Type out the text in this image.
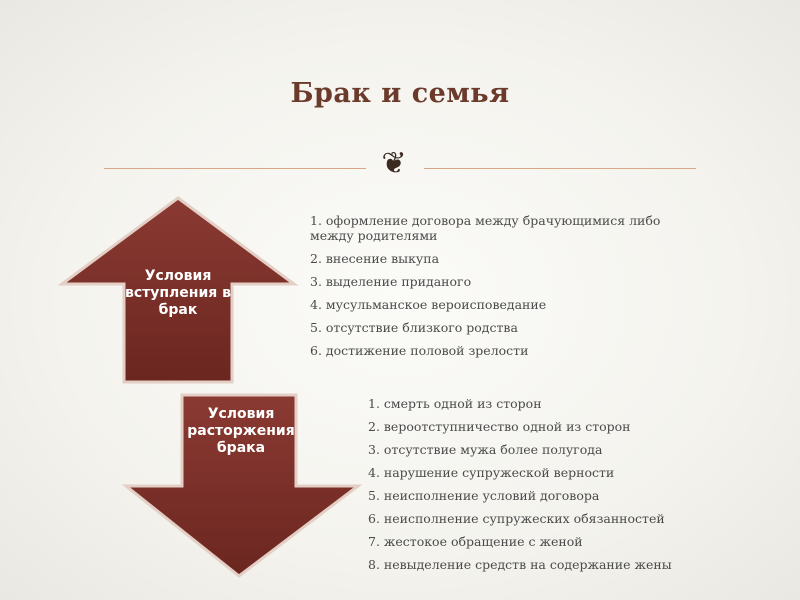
Брак и семья
❦
Условия вступления в брак
Условия расторжения брака
1. оформление договора между брачующимися либо между родителями
2. внесение выкупа
3. выделение приданого
4. мусульманское вероисповедание
5. отсутствие близкого родства
6. достижение половой зрелости
1. смерть одной из сторон
2. вероотступничество одной из сторон
3. отсутствие мужа более полугода
4. нарушение супружеской верности
5. неисполнение условий договора
6. неисполнение супружеских обязанностей
7. жестокое обращение с женой
8. невыделение средств на содержание жены
